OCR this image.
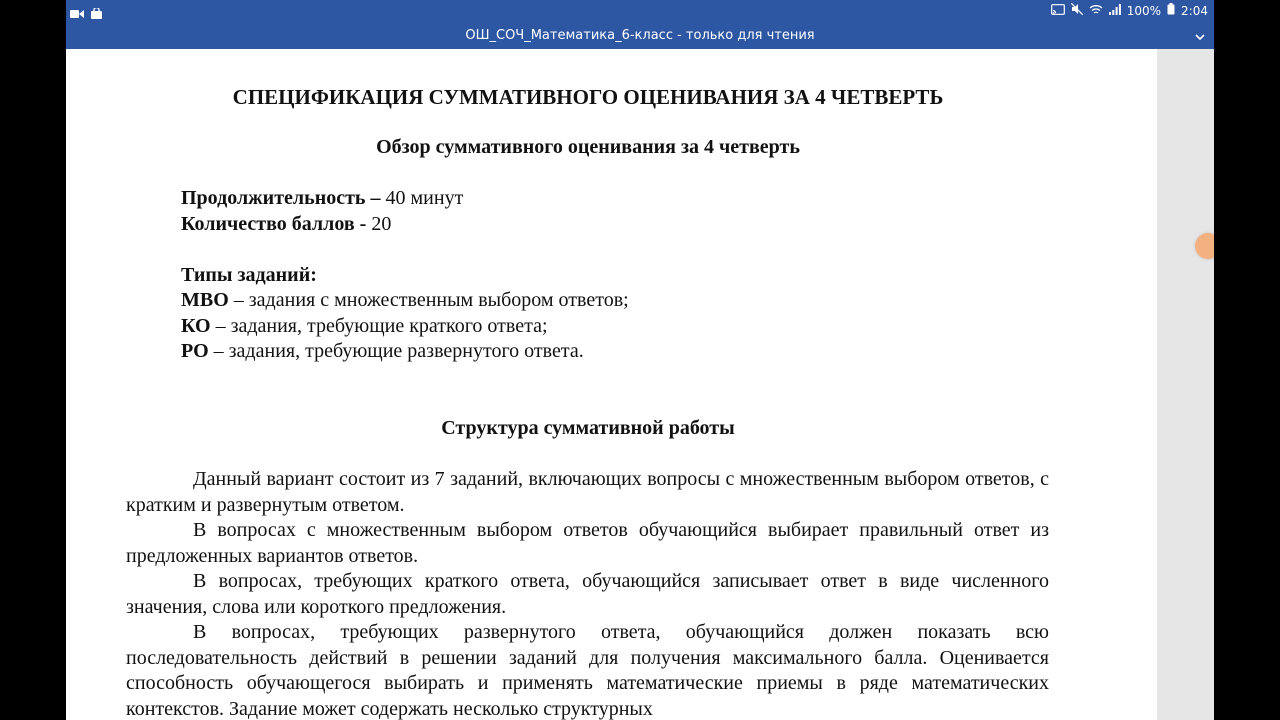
100% 2:04
ОШ_СОЧ_Математика_6-класс - только для чтения
СПЕЦИФИКАЦИЯ СУММАТИВНОГО ОЦЕНИВАНИЯ ЗА 4 ЧЕТВЕРТЬ
Обзор суммативного оценивания за 4 четверть
Продолжительность – 40 минут
Количество баллов - 20
Типы заданий:
МВО – задания с множественным выбором ответов;
КО – задания, требующие краткого ответа;
РО – задания, требующие развернутого ответа.
Структура суммативной работы

Данный вариант состоит из 7 заданий, включающих вопросы с множественным выбором ответов, с кратким и развернутым ответом.

В вопросах с множественным выбором ответов обучающийся выбирает правильный ответ из предложенных вариантов ответов.

В вопросах, требующих краткого ответа, обучающийся записывает ответ в виде численного значения, слова или короткого предложения.

В вопросах, требующих развернутого ответа, обучающийся должен показать всю последовательность действий в решении заданий для получения максимального балла. Оценивается способность обучающегося выбирать и применять математические приемы в ряде математических контекстов. Задание может содержать несколько структурных
